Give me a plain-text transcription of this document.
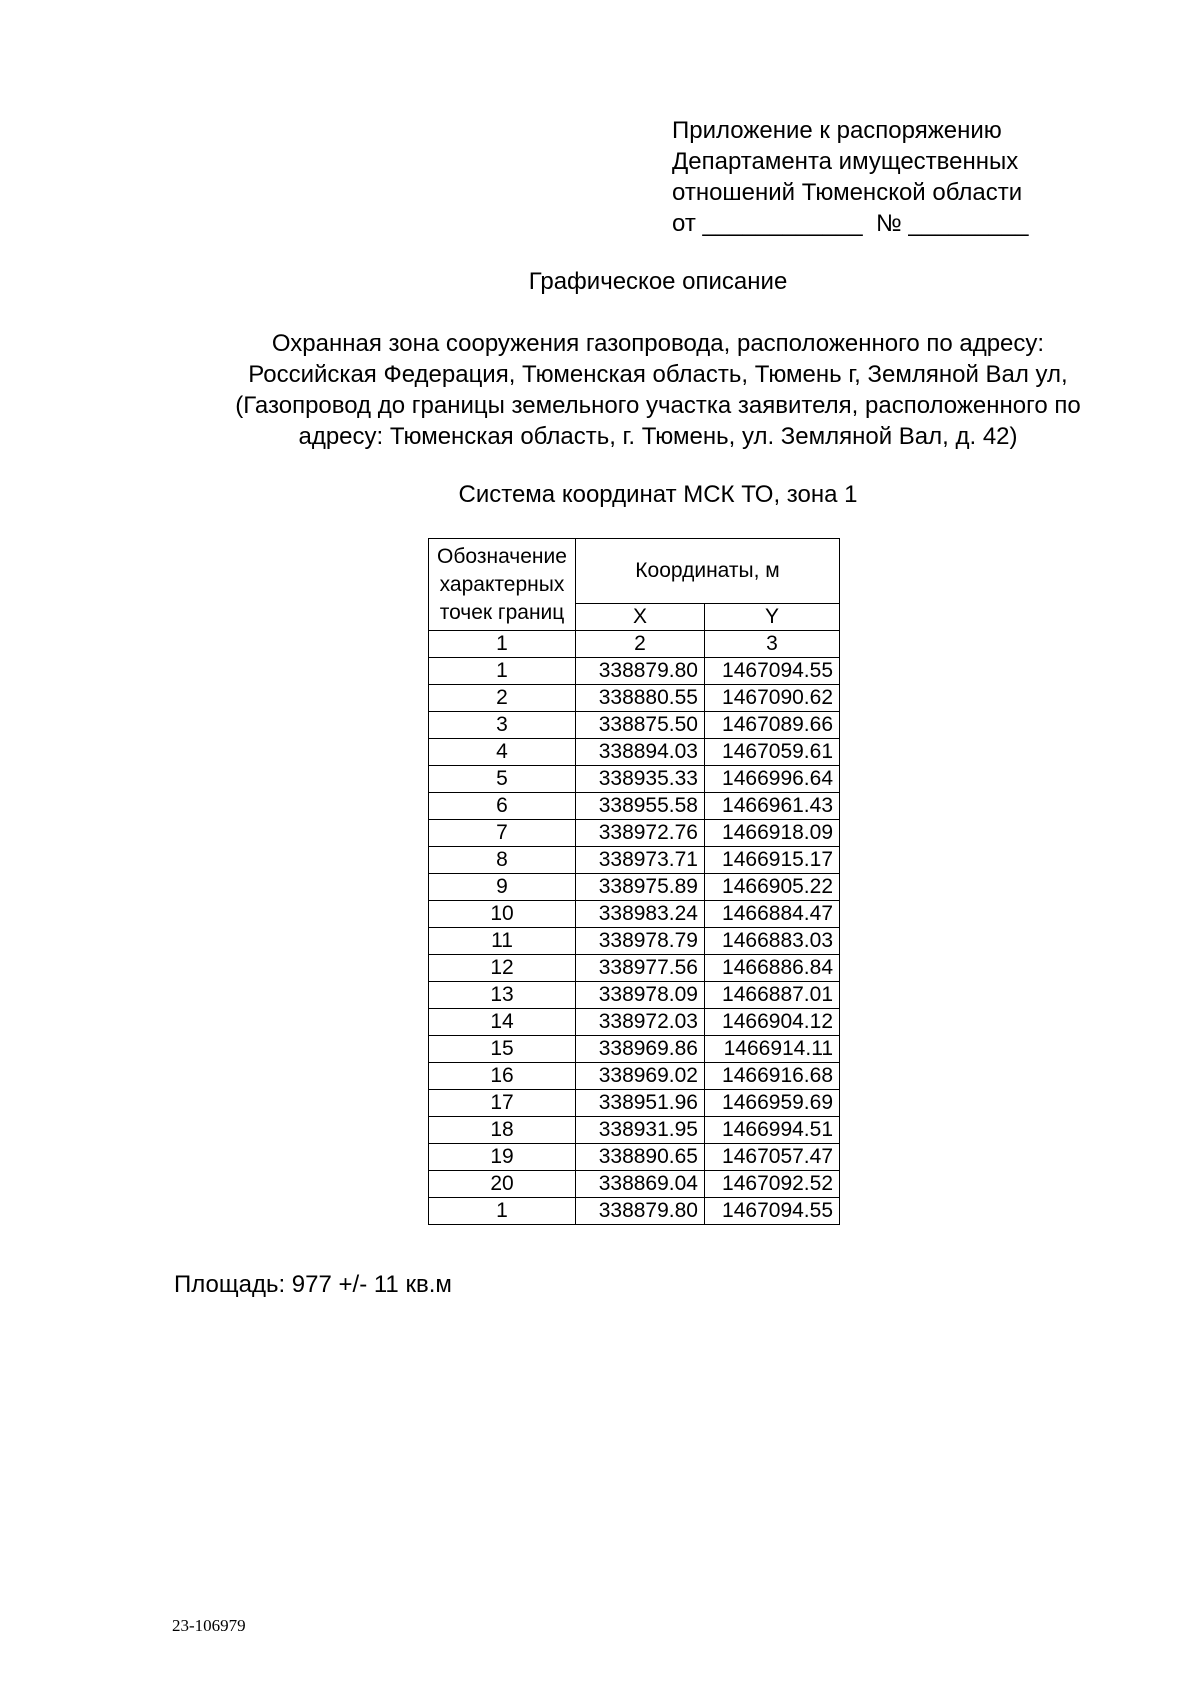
Приложение к распоряжению
Департамента имущественных
отношений Тюменской области
от ____________  № _________
Графическое описание
Охранная зона сооружения газопровода, расположенного по адресу:
Российская Федерация, Тюменская область, Тюмень г, Земляной Вал ул,
(Газопровод до границы земельного участка заявителя, расположенного по
адресу: Тюменская область, г. Тюмень, ул. Земляной Вал, д. 42)
Система координат МСК ТО, зона 1
Обозначение характерных точек границ	Координаты, м	
	X	Y
1	2	3
1	338879.80	1467094.55
2	338880.55	1467090.62
3	338875.50	1467089.66
4	338894.03	1467059.61
5	338935.33	1466996.64
6	338955.58	1466961.43
7	338972.76	1466918.09
8	338973.71	1466915.17
9	338975.89	1466905.22
10	338983.24	1466884.47
11	338978.79	1466883.03
12	338977.56	1466886.84
13	338978.09	1466887.01
14	338972.03	1466904.12
15	338969.86	1466914.11
16	338969.02	1466916.68
17	338951.96	1466959.69
18	338931.95	1466994.51
19	338890.65	1467057.47
20	338869.04	1467092.52
1	338879.80	1467094.55
Площадь: 977 +/- 11 кв.м
23-106979
